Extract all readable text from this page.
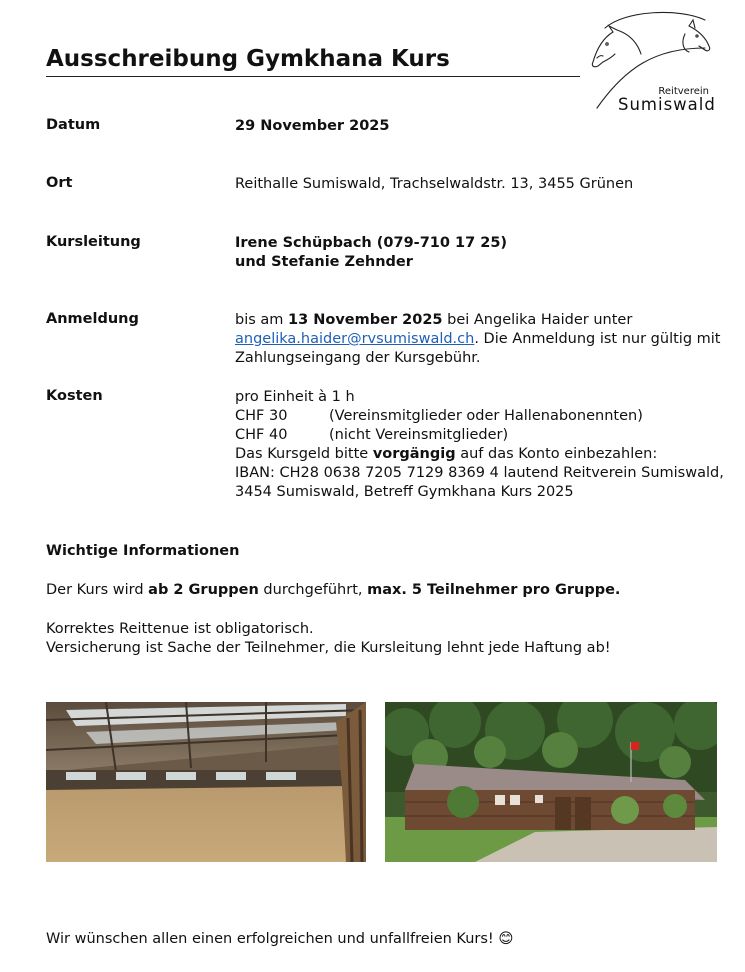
Ausschreibung Gymkhana Kurs
Reitverein
Sumiswald
Datum	29 November 2025
Ort	Reithalle Sumiswald, Trachselwaldstr. 13, 3455 Grünen
Kursleitung	Irene Schüpbach (079-710 17 25)

und Stefanie Zehnder

Anmeldung	bis am 13 November 2025 bei Angelika Haider unter

angelika.haider@rvsumiswald.ch. Die Anmeldung ist nur gültig mit

Zahlungseingang der Kursgebühr.

Kosten	pro Einheit à 1 h

CHF 30	(Vereinsmitglieder oder Hallenabonennten)

CHF 40	(nicht Vereinsmitglieder)

Das Kursgeld bitte vorgängig auf das Konto einbezahlen:

IBAN: CH28 0638 7205 7129 8369 4 lautend Reitverein Sumiswald,

3454 Sumiswald, Betreff Gymkhana Kurs 2025

Wichtige Informationen
Der Kurs wird ab 2 Gruppen durchgeführt, max. 5 Teilnehmer pro Gruppe.
Korrektes Reittenue ist obligatorisch.
Versicherung ist Sache der Teilnehmer, die Kursleitung lehnt jede Haftung ab!
Wir wünschen allen einen erfolgreichen und unfallfreien Kurs! 😊
